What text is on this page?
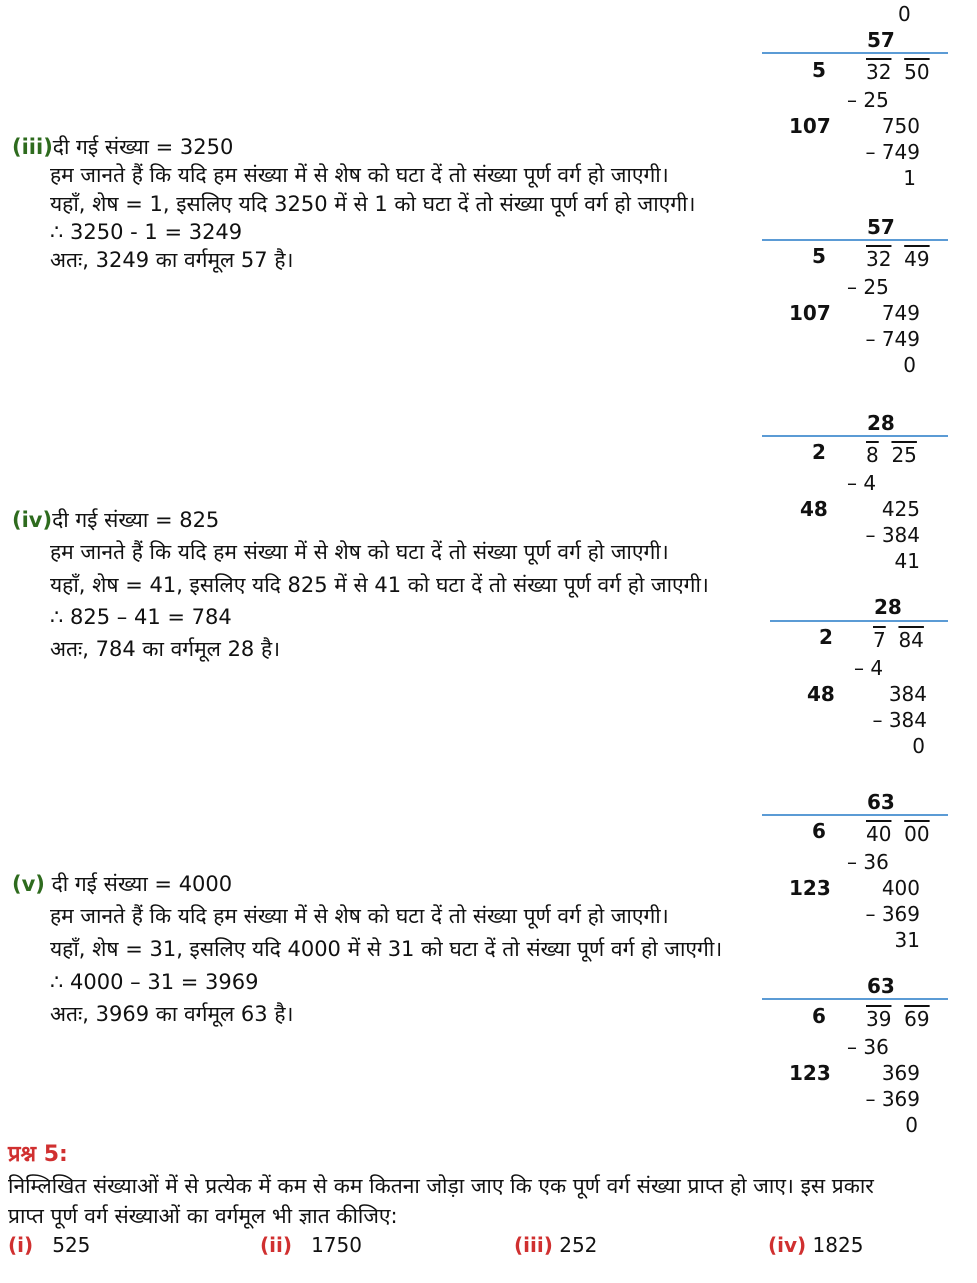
0
(iii)दी गई संख्या = 3250
हम जानते हैं कि यदि हम संख्या में से शेष को घटा दें तो संख्या पूर्ण वर्ग हो जाएगी।
यहाँ, शेष = 1, इसलिए यदि 3250 में से 1 को घटा दें तो संख्या पूर्ण वर्ग हो जाएगी।
∴ 3250 - 1 = 3249
अतः, 3249 का वर्गमूल 57 है।
57
5 32 50
– 25
107	750
– 749
1
57
5 32 49
– 25
107	749
– 749
0
(iv)दी गई संख्या = 825
हम जानते हैं कि यदि हम संख्या में से शेष को घटा दें तो संख्या पूर्ण वर्ग हो जाएगी।
यहाँ, शेष = 41, इसलिए यदि 825 में से 41 को घटा दें तो संख्या पूर्ण वर्ग हो जाएगी।
∴ 825 – 41 = 784
अतः, 784 का वर्गमूल 28 है।
28
2 8 25
– 4
48	425
– 384
41
28
2 7 84
– 4
48	384
– 384
0
(v) दी गई संख्या = 4000
हम जानते हैं कि यदि हम संख्या में से शेष को घटा दें तो संख्या पूर्ण वर्ग हो जाएगी।
यहाँ, शेष = 31, इसलिए यदि 4000 में से 31 को घटा दें तो संख्या पूर्ण वर्ग हो जाएगी।
∴ 4000 – 31 = 3969
अतः, 3969 का वर्गमूल 63 है।
63
6 40 00
– 36
123	400
– 369
31
63
6 39 69
– 36
123	369
– 369
0
प्रश्न 5:
निम्लिखित संख्याओं में से प्रत्येक में कम से कम कितना जोड़ा जाए कि एक पूर्ण वर्ग संख्या प्राप्त हो जाए। इस प्रकार
प्राप्त पूर्ण वर्ग संख्याओं का वर्गमूल भी ज्ञात कीजिए:
(i) 525	(ii) 1750	(iii) 252	(iv) 1825
